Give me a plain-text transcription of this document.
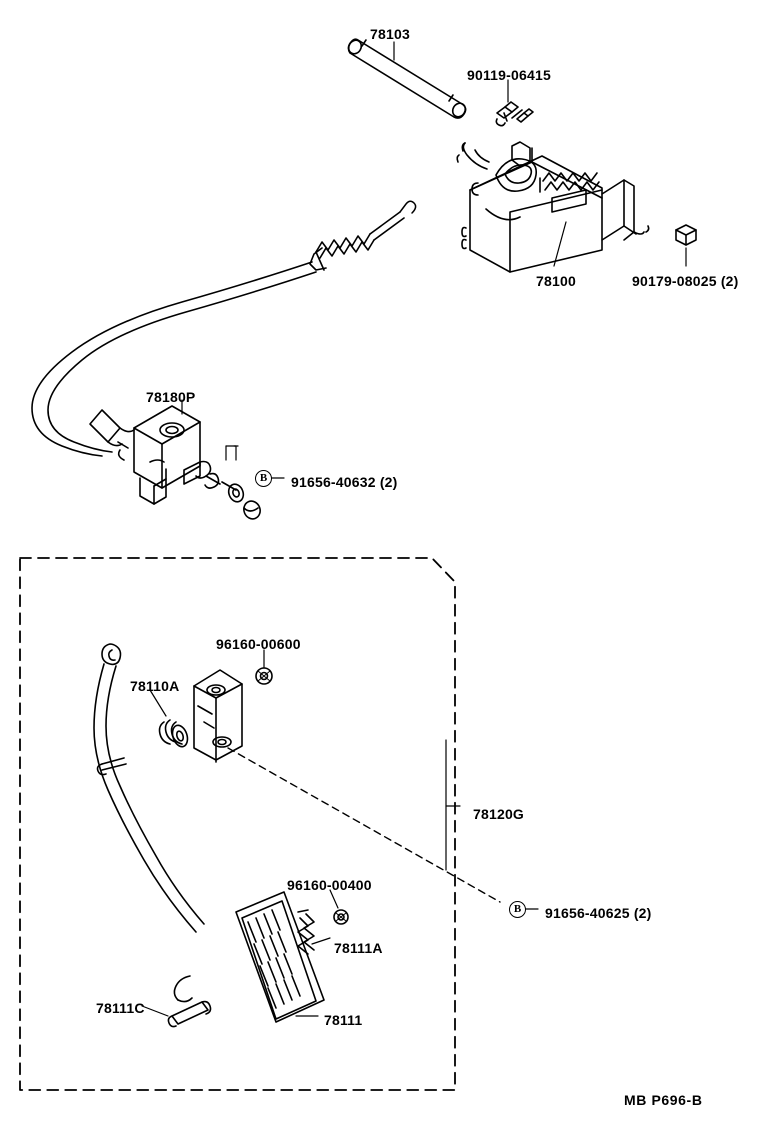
78103
90119-06415
78100	90179-08025 (2)
78180P
91656-40632 (2)
96160-00600
78110A
78120G
96160-00400
91656-40625 (2)
78111A
78111C
78111
B
B
MB P696-B
